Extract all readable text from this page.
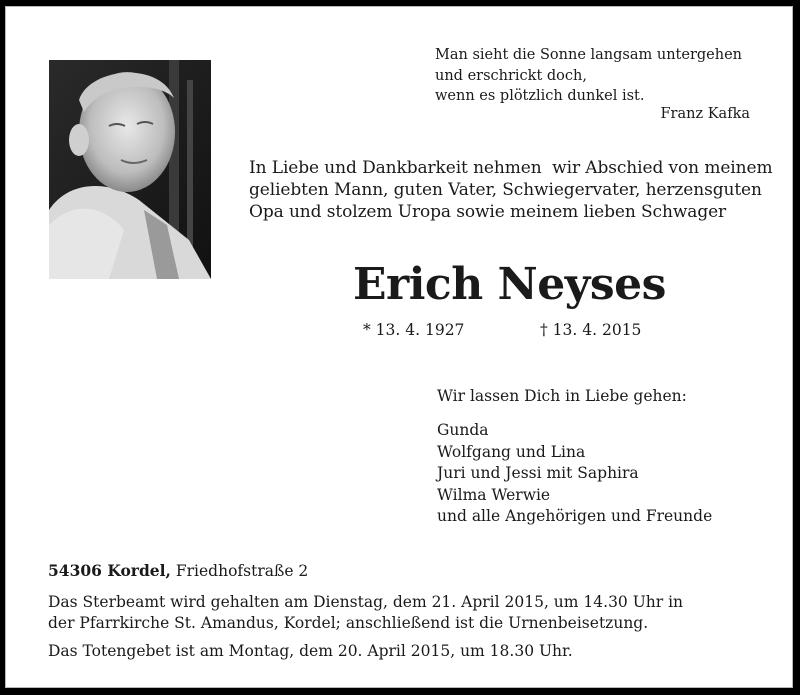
Man sieht die Sonne langsam untergehen
und erschrickt doch,
wenn es plötzlich dunkel ist.
Franz Kafka
In Liebe und Dankbarkeit nehmen  wir Abschied von meinem
geliebten Mann, guten Vater, Schwiegervater, herzensguten
Opa und stolzem Uropa sowie meinem lieben Schwager
Erich Neyses
* 13. 4. 1927	† 13. 4. 2015
Wir lassen Dich in Liebe gehen:
Gunda
Wolfgang und Lina
Juri und Jessi mit Saphira
Wilma Werwie
und alle Angehörigen und Freunde
54306 Kordel, Friedhofstraße 2
Das Sterbeamt wird gehalten am Dienstag, dem 21. April 2015, um 14.30 Uhr in
der Pfarrkirche St. Amandus, Kordel; anschließend ist die Urnenbeisetzung.
Das Totengebet ist am Montag, dem 20. April 2015, um 18.30 Uhr.
